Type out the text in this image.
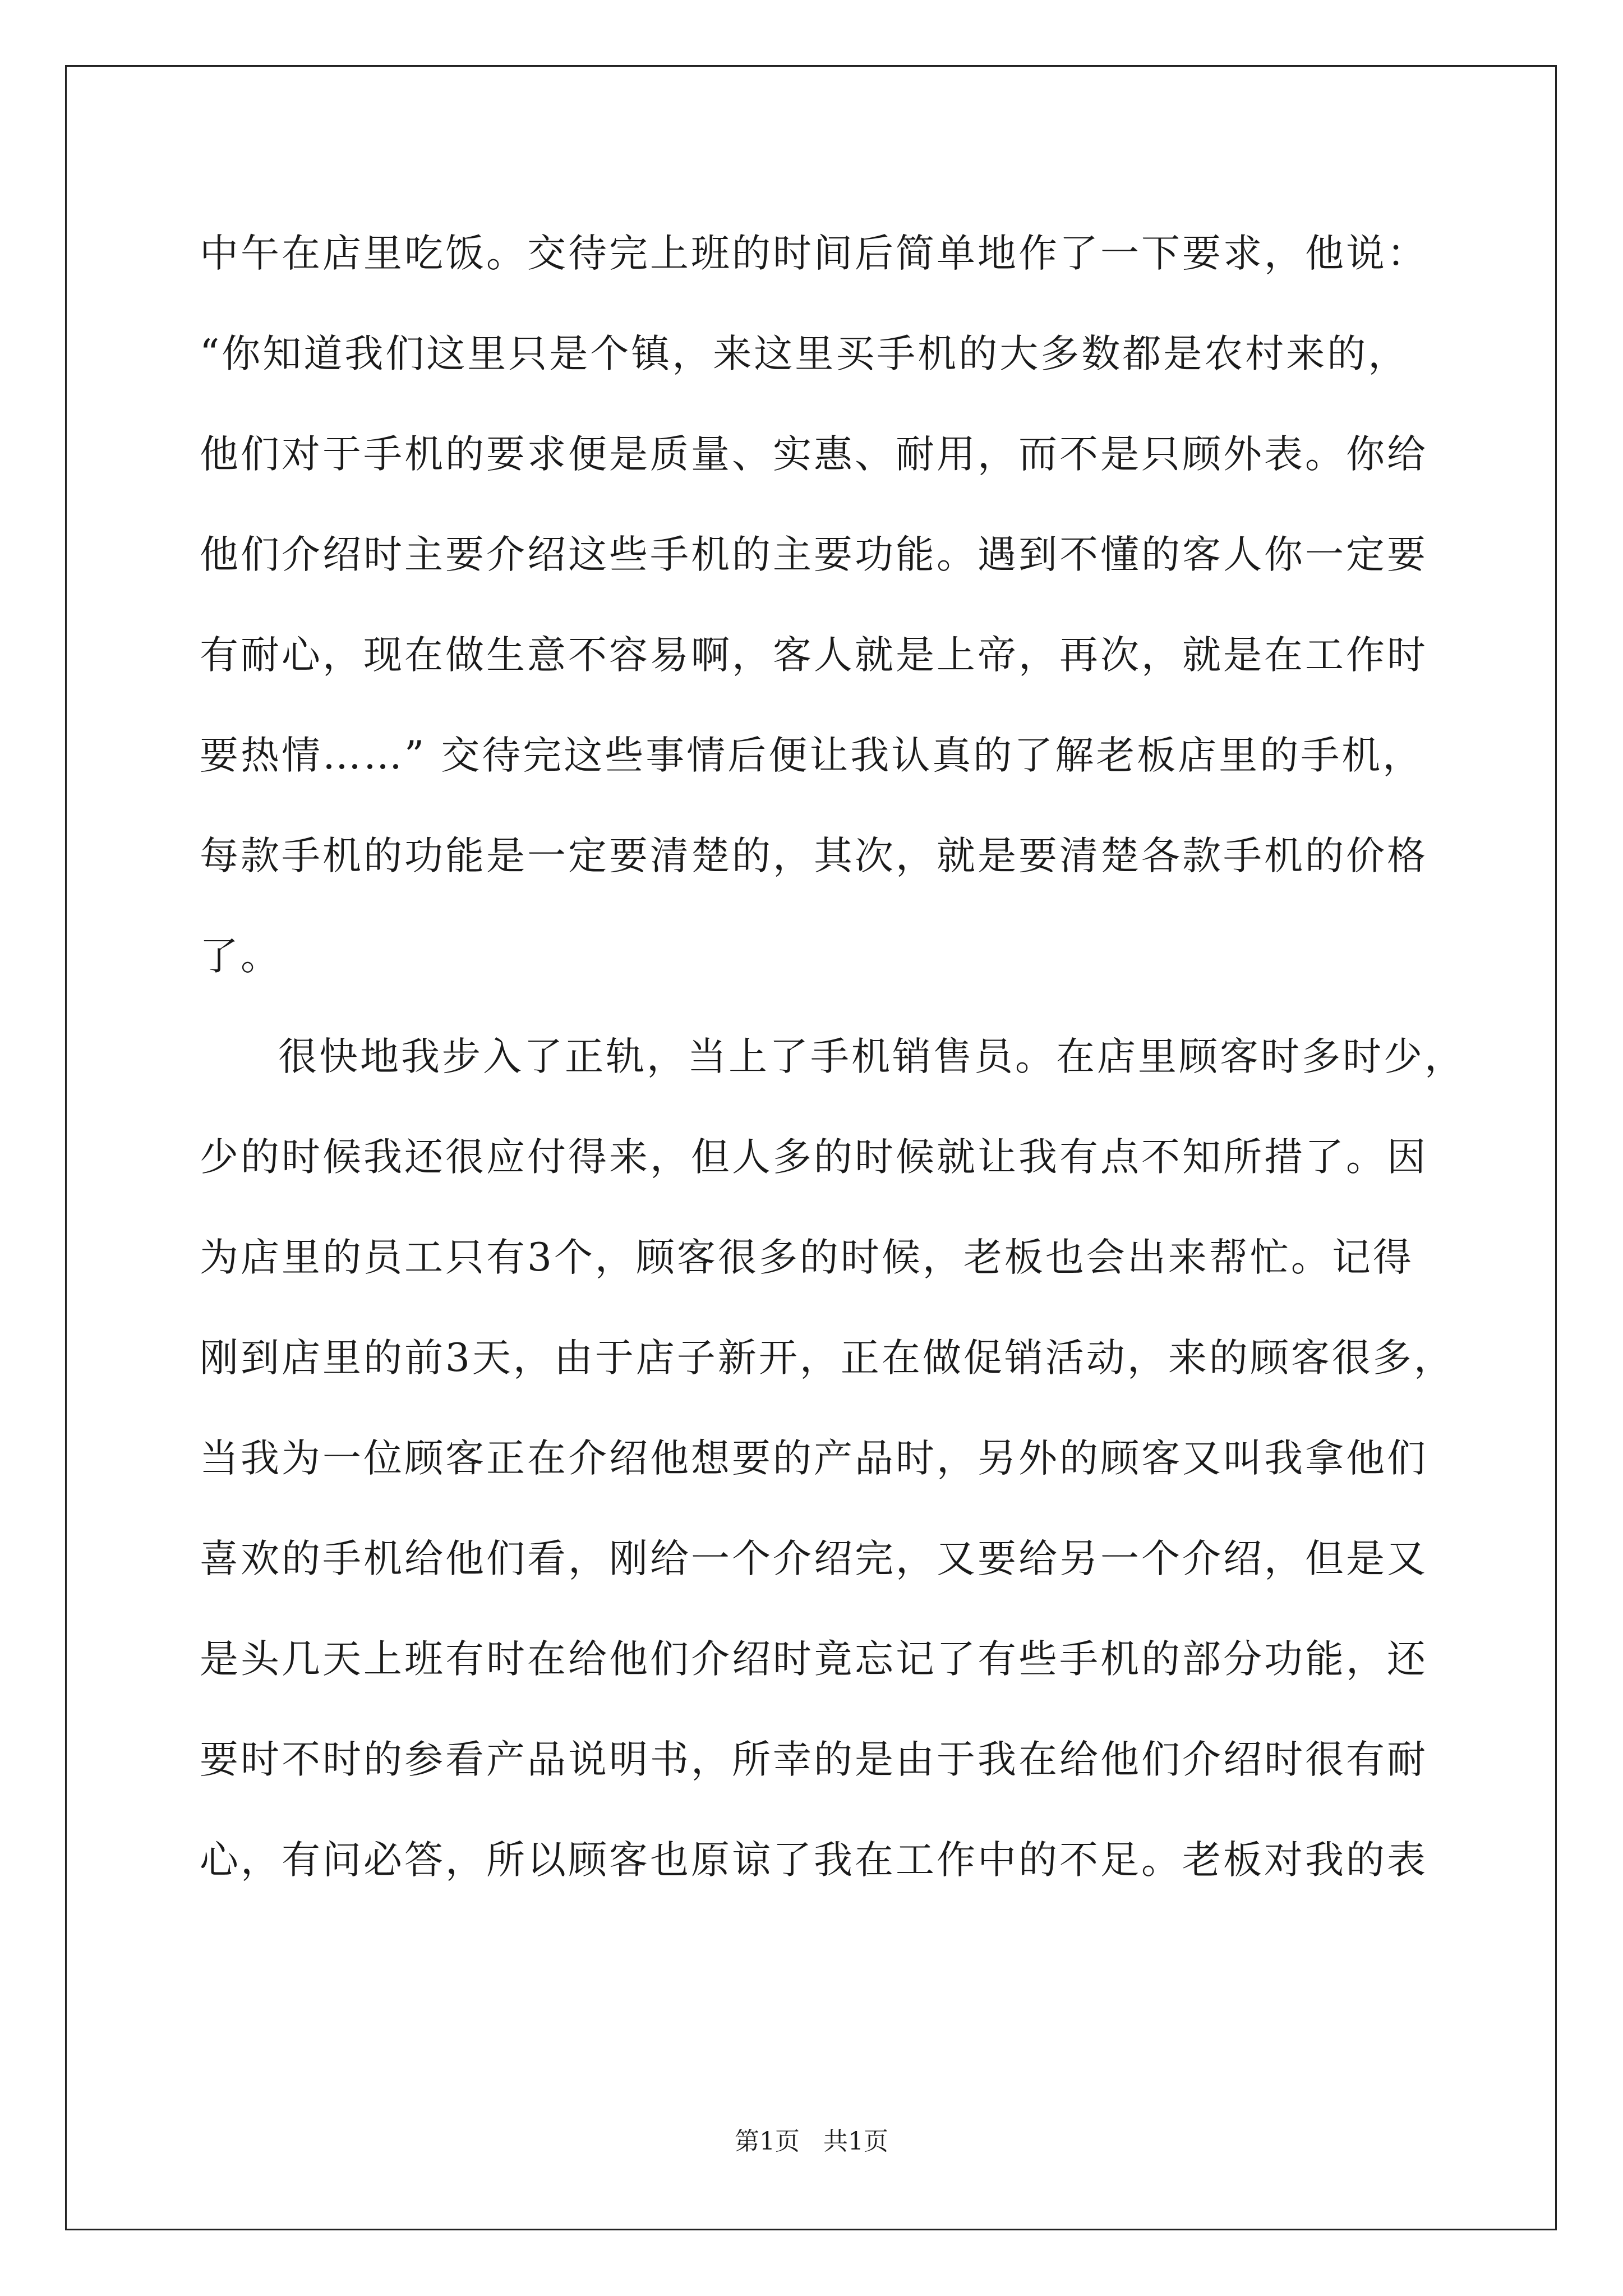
中午在店里吃饭。交待完上班的时间后简单地作了一下要求，他说：
“你知道我们这里只是个镇，来这里买手机的大多数都是农村来的，
他们对于手机的要求便是质量、实惠、耐用，而不是只顾外表。你给
他们介绍时主要介绍这些手机的主要功能。遇到不懂的客人你一定要
有耐心，现在做生意不容易啊，客人就是上帝，再次，就是在工作时
要热情……” 交待完这些事情后便让我认真的了解老板店里的手机，
每款手机的功能是一定要清楚的，其次，就是要清楚各款手机的价格
了。
很快地我步入了正轨，当上了手机销售员。在店里顾客时多时少，
少的时候我还很应付得来，但人多的时候就让我有点不知所措了。因
为店里的员工只有3个，顾客很多的时候，老板也会出来帮忙。记得
刚到店里的前3天，由于店子新开，正在做促销活动，来的顾客很多，
当我为一位顾客正在介绍他想要的产品时，另外的顾客又叫我拿他们
喜欢的手机给他们看，刚给一个介绍完，又要给另一个介绍，但是又
是头几天上班有时在给他们介绍时竟忘记了有些手机的部分功能，还
要时不时的参看产品说明书，所幸的是由于我在给他们介绍时很有耐
心，有问必答，所以顾客也原谅了我在工作中的不足。老板对我的表
第1页   共1页
